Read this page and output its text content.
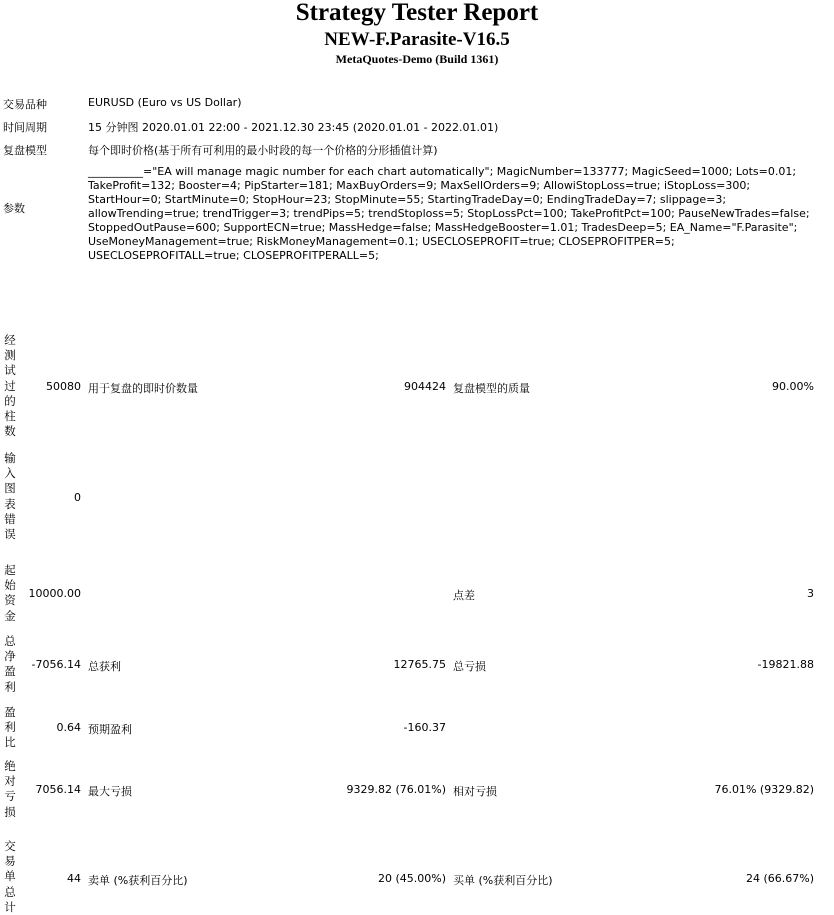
Strategy Tester Report
NEW-F.Parasite-V16.5
MetaQuotes-Demo (Build 1361)
交易品种	EURUSD (Euro vs US Dollar)
时间周期	15 分钟图 2020.01.01 22:00 - 2021.12.30 23:45 (2020.01.01 - 2022.01.01)
复盘模型	每个即时价格(基于所有可利用的最小时段的每一个价格的分形插值计算)
参数
__________="EA will manage magic number for each chart automatically"; MagicNumber=133777; MagicSeed=1000; Lots=0.01; TakeProfit=132; Booster=4; PipStarter=181; MaxBuyOrders=9; MaxSellOrders=9; AllowiStopLoss=true; iStopLoss=300; StartHour=0; StartMinute=0; StopHour=23; StopMinute=55; StartingTradeDay=0; EndingTradeDay=7; slippage=3; allowTrending=true; trendTrigger=3; trendPips=5; trendStoploss=5; StopLossPct=100; TakeProfitPct=100; PauseNewTrades=false; StoppedOutPause=600; SupportECN=true; MassHedge=false; MassHedgeBooster=1.01; TradesDeep=5; EA_Name="F.Parasite"; UseMoneyManagement=true; RiskMoneyManagement=0.1; USECLOSEPROFIT=true; CLOSEPROFITPER=5; USECLOSEPROFITALL=true; CLOSEPROFITPERALL=5;
经
测
试
过
的
柱
数
50080 用于复盘的即时价数量	904424 复盘模型的质量	90.00%
输
入
图
表
错
误
0
起
始
资
金
10000.00	点差	3
总
净
盈
利
-7056.14 总获利	12765.75 总亏损	-19821.88
盈
利
比
0.64 预期盈利	-160.37
绝
对
亏
损
7056.14 最大亏损	9329.82 (76.01%) 相对亏损	76.01% (9329.82)
交
易
单
总
计
44 卖单 (%获利百分比)	20 (45.00%) 买单 (%获利百分比)	24 (66.67%)
